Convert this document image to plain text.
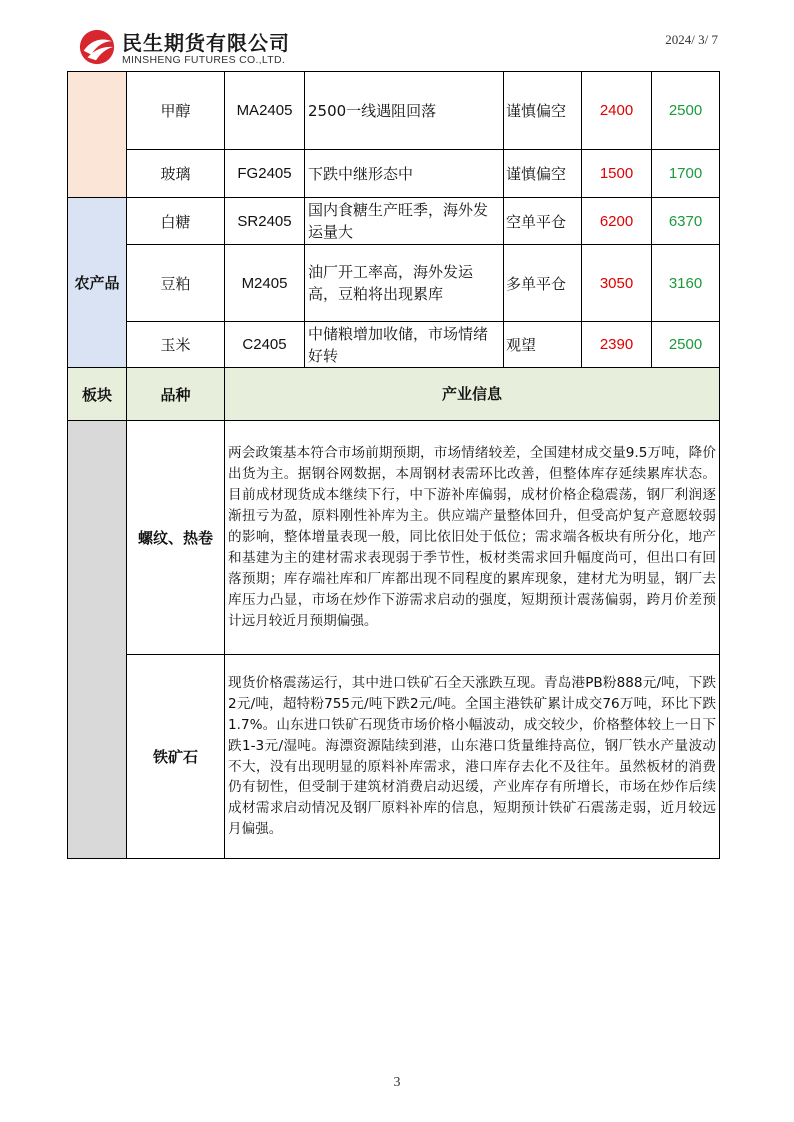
民生期货有限公司
MINSHENG FUTURES CO.,LTD.
2024/ 3/ 7
	甲醇	MA2405	2500一线遇阻回落	谨慎偏空	2400	2500
	玻璃	FG2405	下跌中继形态中	谨慎偏空	1500	1700
农产品	白糖	SR2405	国内食糖生产旺季，海外发运量大	空单平仓	6200	6370
	豆粕	M2405	油厂开工率高，海外发运高，豆粕将出现累库	多单平仓	3050	3160
	玉米	C2405	中储粮增加收储，市场情绪好转	观望	2390	2500
板块	品种	产业信息
	螺纹、热卷	两会政策基本符合市场前期预期，市场情绪较差，全国建材成交量9.5万吨，降价出货为主。据钢谷网数据，本周钢材表需环比改善，但整体库存延续累库状态。目前成材现货成本继续下行，中下游补库偏弱，成材价格企稳震荡，钢厂利润逐渐扭亏为盈，原料刚性补库为主。供应端产量整体回升，但受高炉复产意愿较弱的影响，整体增量表现一般，同比依旧处于低位；需求端各板块有所分化，地产和基建为主的建材需求表现弱于季节性，板材类需求回升幅度尚可，但出口有回落预期；库存端社库和厂库都出现不同程度的累库现象，建材尤为明显，钢厂去库压力凸显，市场在炒作下游需求启动的强度，短期预计震荡偏弱，跨月价差预计远月较近月预期偏强。
	铁矿石	现货价格震荡运行，其中进口铁矿石全天涨跌互现。青岛港PB粉888元/吨，下跌2元/吨，超特粉755元/吨下跌2元/吨。全国主港铁矿累计成交76万吨，环比下跌1.7%。山东进口铁矿石现货市场价格小幅波动，成交较少，价格整体较上一日下跌1-3元/湿吨。海漂资源陆续到港，山东港口货量维持高位，钢厂铁水产量波动不大，没有出现明显的原料补库需求，港口库存去化不及往年。虽然板材的消费仍有韧性，但受制于建筑材消费启动迟缓，产业库存有所增长，市场在炒作后续成材需求启动情况及钢厂原料补库的信息，短期预计铁矿石震荡走弱，近月较远月偏强。
3
